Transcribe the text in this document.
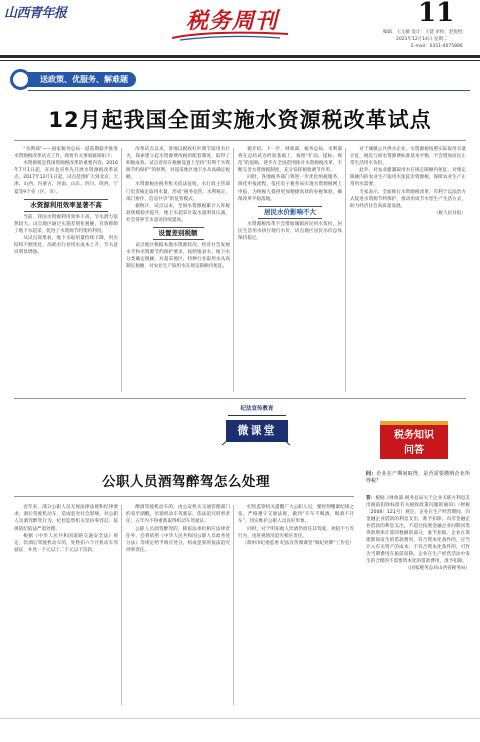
山西青年报	税务周刊	11
编辑：王文敏 设计：王建 审校：赵悦悦
2021年12月14日 星期二
E-mail：0351-4075886
送政策、优服务、解难题
12月起我国全面实施水资源税改革试点

“水利部”——国家税务总局一道前期稳步推进水资源税改革试点工作，现将有关事项通知如下：

水资源税是我国资源税改革的重要内容。2016年7月1日起，在河北省率先开展水资源税改革试点，2017年12月1日起，试点范围扩大到北京、天津、山西、内蒙古、河南、山东、四川、陕西、宁夏等9个省（区、市）。

水资源利用效率显著不高

当前，我国水资源利用效率不高，节水潜力依然较大。试点地区通过实施差别化税额，有效抑制了地下水超采，促进了水资源节约集约利用。

从试点效果看，地下水取用量持续下降，用水结构不断优化，高耗水行业用水成本上升，节水意识明显增强。

改革试点以来，各地以税收杠杆调节取用水行为，探索建立起水资源费改税的配套制度，取得了积极成效。试点省份在税额设置上坚持“有利于水资源节约保护”的原则，对超采地区地下水从高确定税额。

水资源税由税务机关依法征收，水行政主管部门负责核定取用水量，形成“税务征管、水利核定、部门协作、信息共享”的征管模式。

据统计，试点以来，全国水资源税累计入库税款规模稳步提升，地下水超采区取水量明显压减，社会各界节水意识持续提高。

设置差别税额

试点地区根据本地水资源状况、经济社会发展水平和水资源节约保护要求，按照地表水、地下水分类确定税额，对超采地区、特种行业取用水从高制定税额，对农业生产取用水在规定限额内免征。

据介绍，下一步，财政部、税务总局、水利部将在总结试点经验基础上，按照“扩面、提标、规范”的思路，逐步在全国范围推开水资源税改革，不断完善水资源税制度，充分发挥税收调节作用。

同时，各地税务部门将进一步优化纳税服务，简化申报流程，依托电子税务局实现水资源税网上申报，为纳税人提供更加便捷高效的办税体验，确保改革平稳落地。

居民水价影响不大

水资源税改革不会增加城镇居民用水负担，居民生活用水执行现行水价，试点地区居民水价总体保持稳定。

对于城镇公共供水企业，水资源税按照实际取用水量计征，税负与原水资源费标准基本平衡，不会增加居民正常生活用水负担。

此外，对农业灌溉取用水在规定限额内免征，对规定限额内的农业生产取用水免征水资源税，保障农业生产正常用水需要。

专家表示，全面推行水资源税改革，有利于以法治方式促进水资源节约保护，推动形成节水型生产生活方式，助力经济社会高质量发展。

（税人民日报）

纪法宣传教育
微课堂
公职人员酒驾醉驾怎么处理

近年来，部分公职人员无视法律法规和纪律要求，酒后驾驶机动车，造成恶劣社会影响。对公职人员酒驾醉驾行为，纪检监察机关坚持零容忍，依规依纪依法严肃处理。

根据《中华人民共和国道路交通安全法》规定，饮酒后驾驶机动车的，处暂扣六个月机动车驾驶证，并处一千元以上二千元以下罚款。

醉酒驾驶机动车的，由公安机关交通管理部门约束至酒醒，吊销机动车驾驶证，依法追究刑事责任；五年内不得重新取得机动车驾驶证。

公职人员酒驾醉驾的，除依法承担相应法律责任外，还将依照《中华人民共和国公职人员政务处分法》等规定给予相应处分，构成犯罪的依法追究刑事责任。

纪检监察机关提醒广大公职人员，要时刻绷紧纪律之弦，严格遵守交通法规，做到“开车不喝酒，喝酒不开车”，切实维护公职人员良好形象。

同时，对于明知他人饮酒仍放任其驾驶、劝阻不力等行为，也将视情况追究相应责任。

（郑州市纪委监委 纪法宣传微课堂“阅纪亮牌”工作室）

税务知识
问答
问：企业在产期间取得，是否需要缴纳企业所得税？
答：根据《财政部 税务总局关于企业关联方利息支出税前扣除标准有关税收政策问题的通知》（财税〔2008〕121号）规定，企业在生产经营期间，向金融企业借款的利息支出，准予扣除。向非金融企业借款的利息支出，不超过按照金融企业同期同类贷款利率计算的数额的部分，准予扣除。企业在筹建期间发生的借款费用，符合资本化条件的，应当计入有关资产的成本；不符合资本化条件的，可作为当期费用在税前扣除。企业在生产经营活动中发生的合理的不需要资本化的借款费用，准予扣除。
（国家税务总局山西省税务局）
